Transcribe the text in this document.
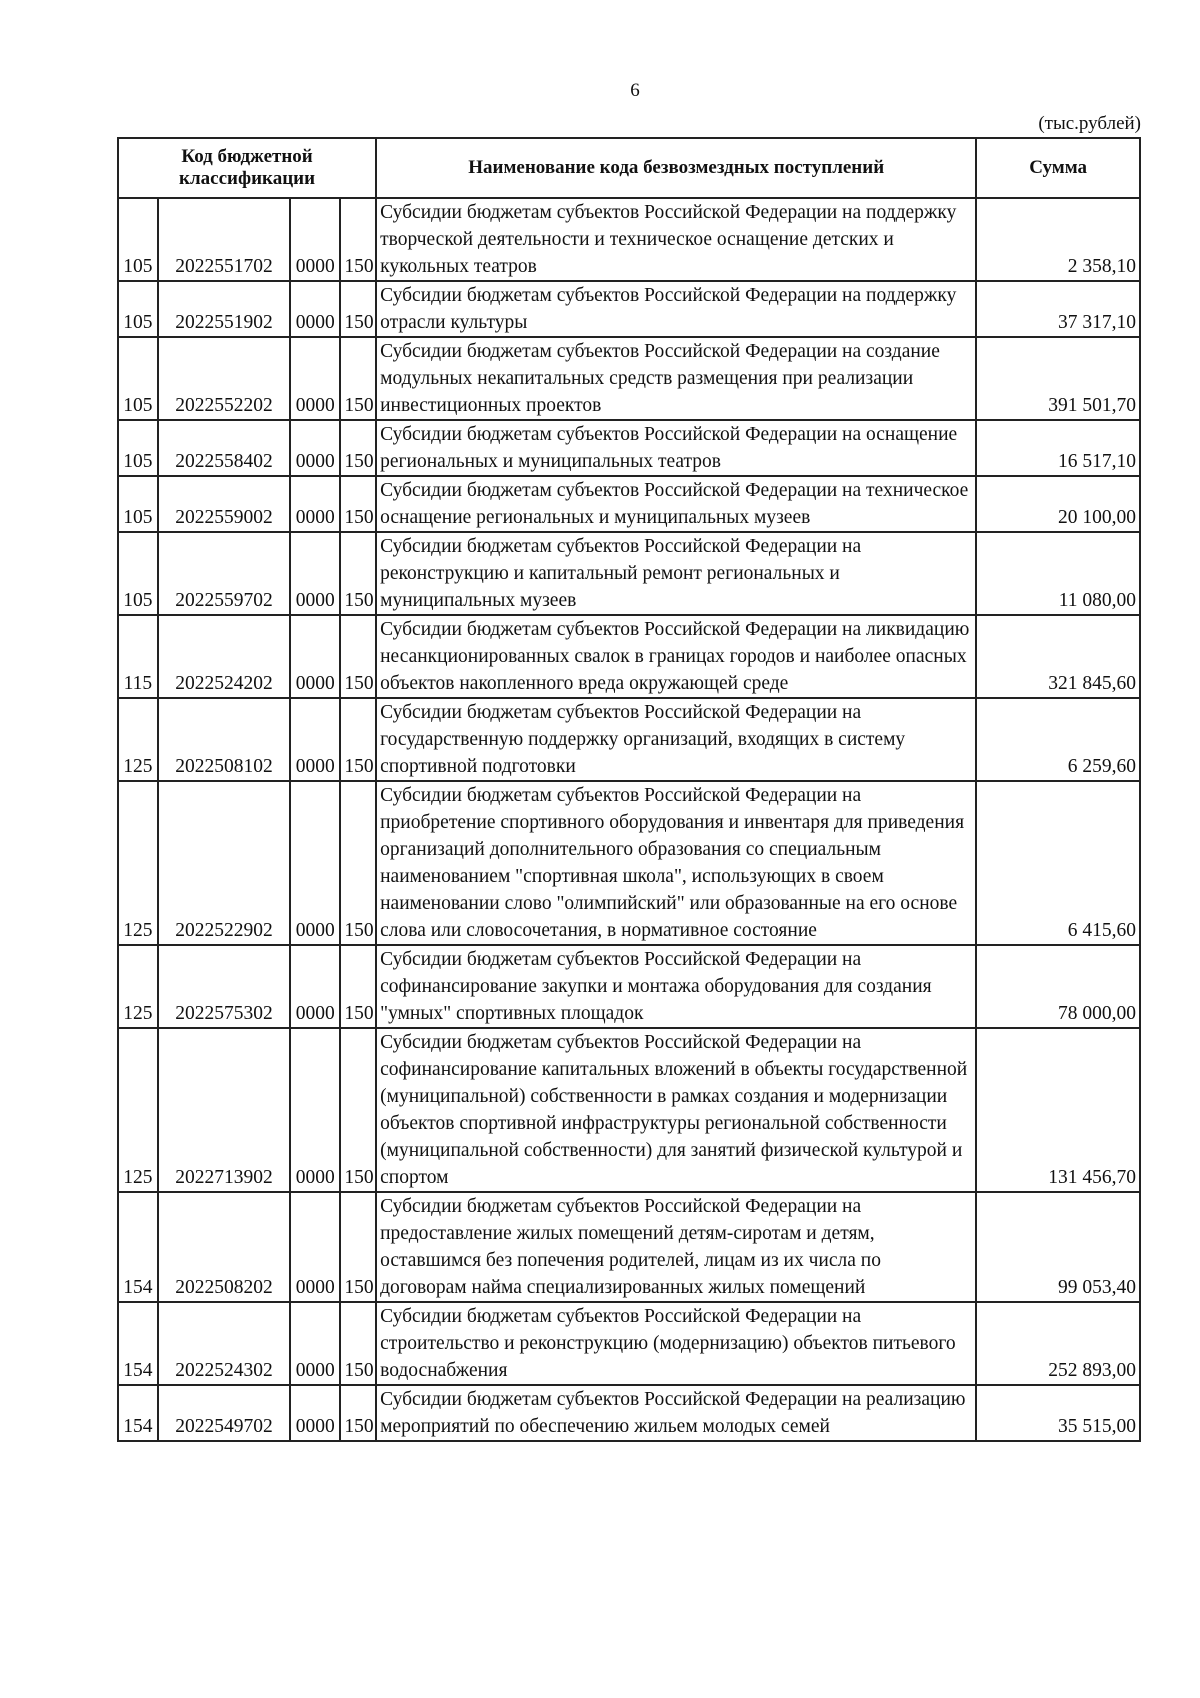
6
(тыс.рублей)
Код бюджетной классификации				Наименование кода безвозмездных поступлений	Сумма
105	2022551702	0000	150	Субсидии бюджетам субъектов Российской Федерации на поддержку творческой деятельности и техническое оснащение детских и кукольных театров	2 358,10
105	2022551902	0000	150	Субсидии бюджетам субъектов Российской Федерации на поддержку отрасли культуры	37 317,10
105	2022552202	0000	150	Субсидии бюджетам субъектов Российской Федерации на создание модульных некапитальных средств размещения при реализации инвестиционных проектов	391 501,70
105	2022558402	0000	150	Субсидии бюджетам субъектов Российской Федерации на оснащение региональных и муниципальных театров	16 517,10
105	2022559002	0000	150	Субсидии бюджетам субъектов Российской Федерации на техническое оснащение региональных и муниципальных музеев	20 100,00
105	2022559702	0000	150	Субсидии бюджетам субъектов Российской Федерации на реконструкцию и капитальный ремонт региональных и муниципальных музеев	11 080,00
115	2022524202	0000	150	Субсидии бюджетам субъектов Российской Федерации на ликвидацию несанкционированных свалок в границах городов и наиболее опасных объектов накопленного вреда окружающей среде	321 845,60
125	2022508102	0000	150	Субсидии бюджетам субъектов Российской Федерации на государственную поддержку организаций, входящих в систему спортивной подготовки	6 259,60
125	2022522902	0000	150	Субсидии бюджетам субъектов Российской Федерации на приобретение спортивного оборудования и инвентаря для приведения организаций дополнительного образования со специальным наименованием "спортивная школа", использующих в своем наименовании слово "олимпийский" или образованные на его основе слова или словосочетания, в нормативное состояние	6 415,60
125	2022575302	0000	150	Субсидии бюджетам субъектов Российской Федерации на софинансирование закупки и монтажа оборудования для создания "умных" спортивных площадок	78 000,00
125	2022713902	0000	150	Субсидии бюджетам субъектов Российской Федерации на софинансирование капитальных вложений в объекты государственной (муниципальной) собственности в рамках создания и модернизации объектов спортивной инфраструктуры региональной собственности (муниципальной собственности) для занятий физической культурой и спортом	131 456,70
154	2022508202	0000	150	Субсидии бюджетам субъектов Российской Федерации на предоставление жилых помещений детям-сиротам и детям, оставшимся без попечения родителей, лицам из их числа по договорам найма специализированных жилых помещений	99 053,40
154	2022524302	0000	150	Субсидии бюджетам субъектов Российской Федерации на строительство и реконструкцию (модернизацию) объектов питьевого водоснабжения	252 893,00
154	2022549702	0000	150	Субсидии бюджетам субъектов Российской Федерации на реализацию мероприятий по обеспечению жильем молодых семей	35 515,00
